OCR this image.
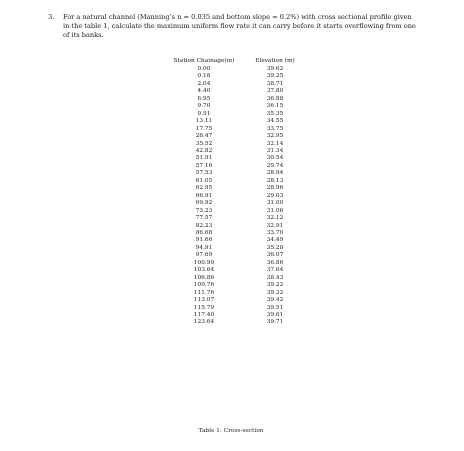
3. For a natural channel (Manning’s n = 0.035 and bottom slope = 0.2%) with cross sectional profile given in the table 1, calculate the maximum uniform flow rate it can carry before it starts overflowing from one of its banks.
Station Chainage(m)	Elevation (m)
0.00	39.62
0.18	39.25
2.04	38.71
4.40	37.80
6.95	36.88
9.70	36.15
9.91	35.35
13.11	34.55
17.75	33.75
26.47	32.95
35.52	32.14
42.82	31.34
51.91	30.54
57.16	29.74
57.53	28.94
61.05	28.13
62.95	28.96
66.91	29.63
69.92	31.00
73.23	31.06
77.57	32.12
82.23	32.91
86.68	33.70
91.66	34.49
94.91	35.28
97.69	36.07
100.99	36.86
103.64	37.64
106.86	38.43
109.76	39.22
111.76	39.32
113.07	39.42
115.79	39.51
117.40	39.61
123.64	39.71
Table 1: Cross-section
